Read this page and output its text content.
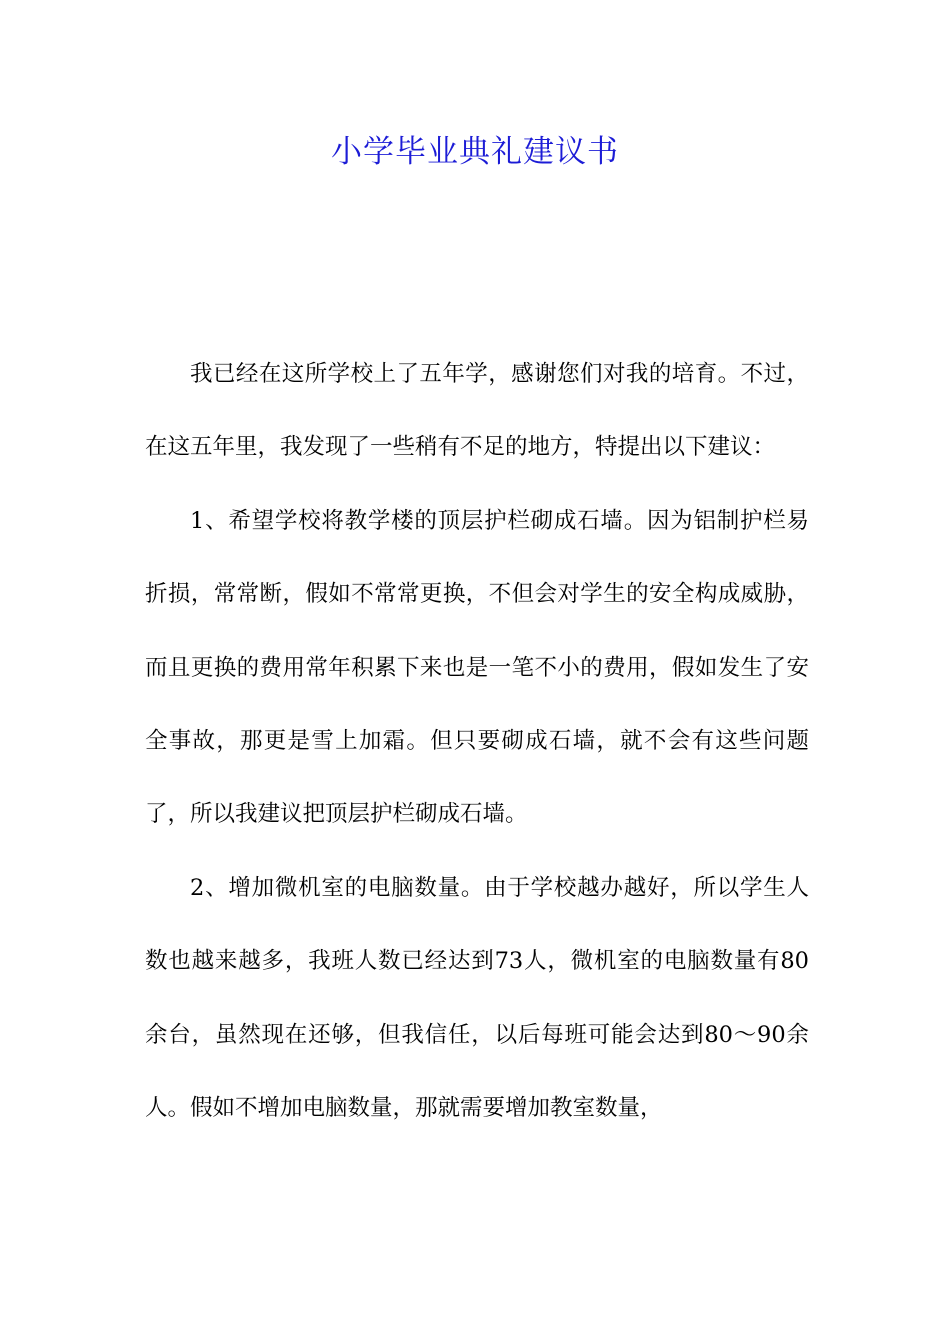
小学毕业典礼建议书

我已经在这所学校上了五年学，感谢您们对我的培育。不过，在这五年里，我发现了一些稍有不足的地方，特提出以下建议：

1、希望学校将教学楼的顶层护栏砌成石墙。因为铝制护栏易折损，常常断，假如不常常更换，不但会对学生的安全构成威胁，而且更换的费用常年积累下来也是一笔不小的费用，假如发生了安全事故，那更是雪上加霜。但只要砌成石墙，就不会有这些问题了，所以我建议把顶层护栏砌成石墙。

2、增加微机室的电脑数量。由于学校越办越好，所以学生人数也越来越多，我班人数已经达到73人，微机室的电脑数量有80余台，虽然现在还够，但我信任，以后每班可能会达到80～90余人。假如不增加电脑数量，那就需要增加教室数量，
